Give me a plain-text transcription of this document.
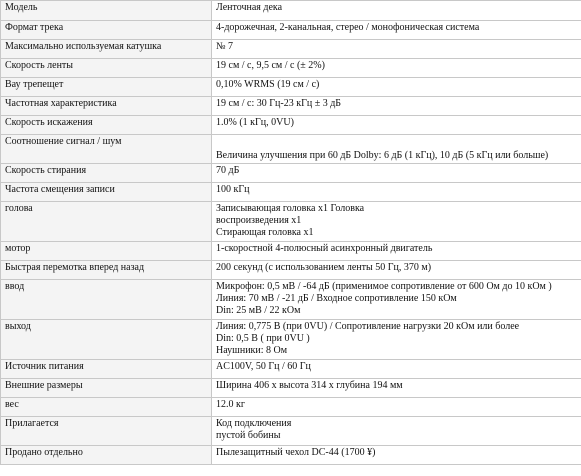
Модель	Ленточная дека

Формат трека	4-дорожечная, 2-канальная, стерео / монофоническая система

Максимально используемая катушка	№ 7

Скорость ленты	19 см / с, 9,5 см / с (± 2%)

Вау трепещет	0,10% WRMS (19 см / с)

Частотная характеристика	19 см / с: 30 Гц-23 кГц ± 3 дБ

Скорость искажения	1.0% (1 кГц, 0VU)

Соотношение сигнал / шум	Величина улучшения при 60 дБ Dolby: 6 дБ (1 кГц), 10 дБ (5 кГц или больше)

Скорость стирания	70 дБ

Частота смещения записи	100 кГц

голова	Записывающая головка x1 Головка
воспроизведения x1
Стирающая головка x1

мотор	1-скоростной 4-полюсный асинхронный двигатель

Быстрая перемотка вперед назад	200 секунд (с использованием ленты 50 Гц, 370 м)

ввод	Микрофон: 0,5 мВ / -64 дБ (применимое сопротивление от 600 Ом до 10 кОм ) Линия: 70 мВ / -21 дБ / Входное сопротивление 150 кОм
Din: 25 мВ / 22 кОм

выход	Линия: 0,775 В (при 0VU) / Сопротивление нагрузки 20 кОм или более
Din: 0,5 В ( при 0VU )
Наушники: 8 Ом

Источник питания	AC100V, 50 Гц / 60 Гц

Внешние размеры	Ширина 406 x высота 314 x глубина 194 мм

вес	12.0 кг

Прилагается	Код подключения
пустой бобины

Продано отдельно	Пылезащитный чехол DC-44 (1700 ¥)
